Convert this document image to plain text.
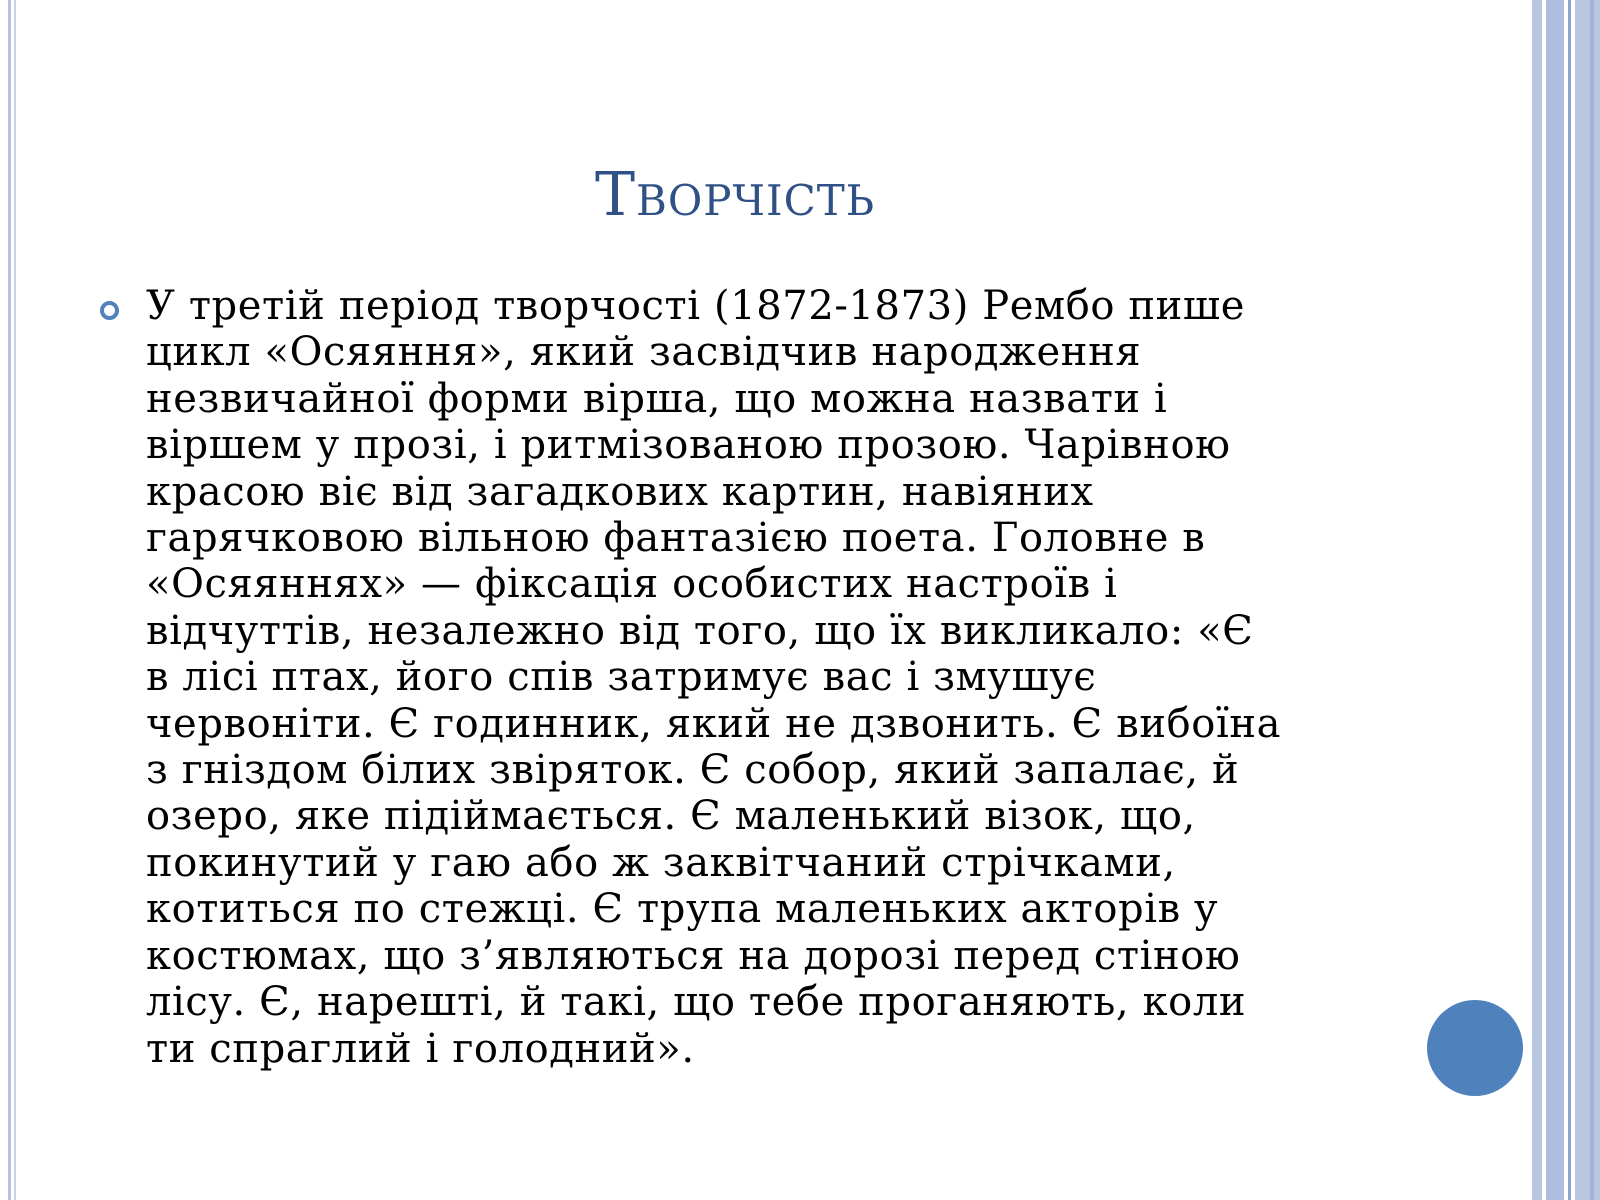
Творчість
У третій період творчості (1872-1873) Рембо пише
цикл «Осяяння», який засвідчив народження
незвичайної форми вірша, що можна назвати і
віршем у прозі, і ритмізованою прозою. Чарівною
красою віє від загадкових картин, навіяних
гарячковою вільною фантазією поета. Головне в
«Осяяннях» — фіксація особистих настроїв і
відчуттів, незалежно від того, що їх викликало: «Є
в лісі птах, його спів затримує вас і змушує
червоніти. Є годинник, який не дзвонить. Є вибоїна
з гніздом білих звірятoк. Є собор, який запалає, й
озеро, яке підіймається. Є маленький візок, що,
покинутий у гаю або ж заквітчаний стрічками,
котиться по стежці. Є трупа маленьких акторів у
костюмах, що з’являються на дорозі перед стіною
лісу. Є, нарешті, й такі, що тебе проганяють, коли
ти спраглий і голодний».
